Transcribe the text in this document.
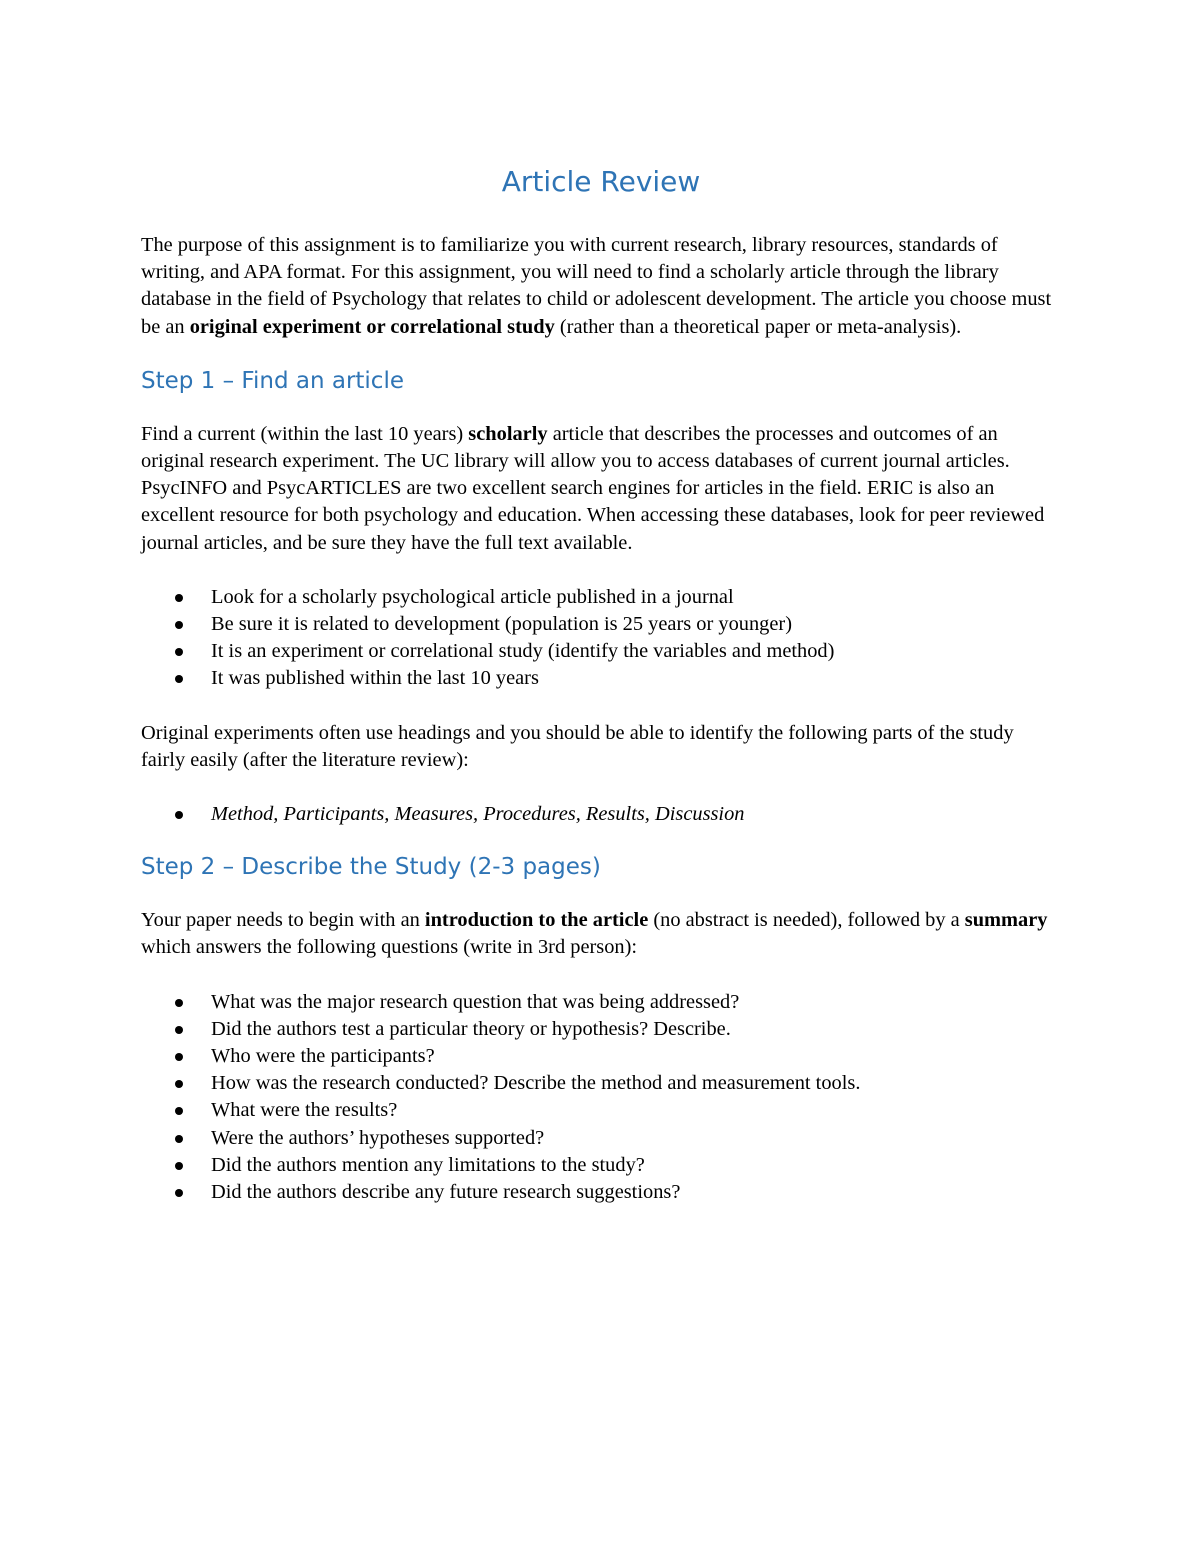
Article Review

The purpose of this assignment is to familiarize you with current research, library resources, standards of writing, and APA format. For this assignment, you will need to find a scholarly article through the library database in the field of Psychology that relates to child or adolescent development. The article you choose must be an original experiment or correlational study (rather than a theoretical paper or meta-analysis).

Step 1 – Find an article

Find a current (within the last 10 years) scholarly article that describes the processes and outcomes of an original research experiment. The UC library will allow you to access databases of current journal articles. PsycINFO and PsycARTICLES are two excellent search engines for articles in the field. ERIC is also an excellent resource for both psychology and education. When accessing these databases, look for peer reviewed journal articles, and be sure they have the full text available.

Look for a scholarly psychological article published in a journal
Be sure it is related to development (population is 25 years or younger)
It is an experiment or correlational study (identify the variables and method)
It was published within the last 10 years

Original experiments often use headings and you should be able to identify the following parts of the study fairly easily (after the literature review):

Method, Participants, Measures, Procedures, Results, Discussion
Step 2 – Describe the Study (2-3 pages)

Your paper needs to begin with an introduction to the article (no abstract is needed), followed by a summary which answers the following questions (write in 3rd person):

What was the major research question that was being addressed?
Did the authors test a particular theory or hypothesis? Describe.
Who were the participants?
How was the research conducted? Describe the method and measurement tools.
What were the results?
Were the authors’ hypotheses supported?
Did the authors mention any limitations to the study?
Did the authors describe any future research suggestions?
